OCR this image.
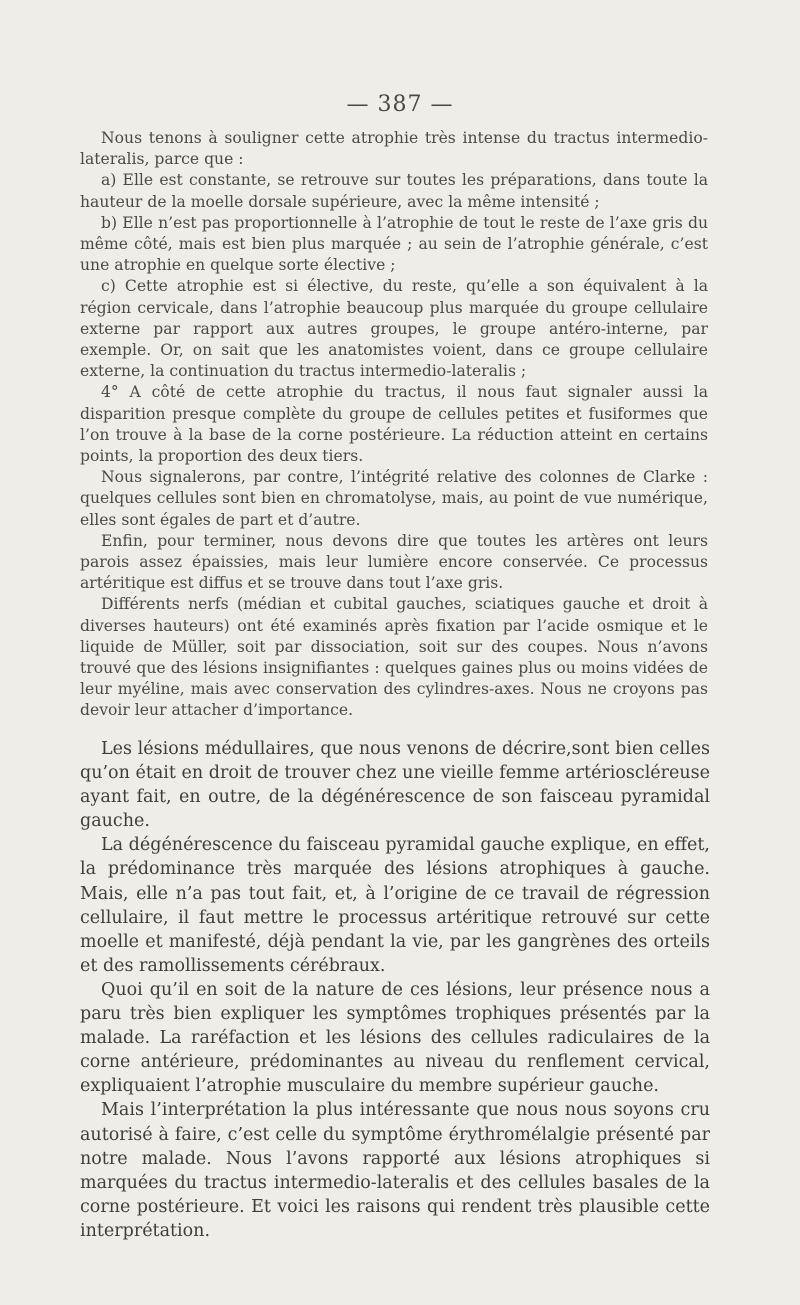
— 387 —

Nous tenons à souligner cette atrophie très intense du tractus intermedio-lateralis, parce que :

a) Elle est constante, se retrouve sur toutes les préparations, dans toute la hauteur de la moelle dorsale supérieure, avec la même intensité ;

b) Elle n’est pas proportionnelle à l’atrophie de tout le reste de l’axe gris du même côté, mais est bien plus marquée ; au sein de l’atrophie générale, c’est une atrophie en quelque sorte élective ;

c) Cette atrophie est si élective, du reste, qu’elle a son équivalent à la région cervicale, dans l’atrophie beaucoup plus marquée du groupe cellulaire externe par rapport aux autres groupes, le groupe antéro-interne, par exemple. Or, on sait que les anatomistes voient, dans ce groupe cellulaire externe, la continuation du tractus intermedio-lateralis ;

4° A côté de cette atrophie du tractus, il nous faut signaler aussi la disparition presque complète du groupe de cellules petites et fusiformes que l’on trouve à la base de la corne postérieure. La réduction atteint en certains points, la proportion des deux tiers.

Nous signalerons, par contre, l’intégrité relative des colonnes de Clarke : quelques cellules sont bien en chromatolyse, mais, au point de vue numérique, elles sont égales de part et d’autre.

Enfin, pour terminer, nous devons dire que toutes les artères ont leurs parois assez épaissies, mais leur lumière encore conservée. Ce processus artéritique est diffus et se trouve dans tout l’axe gris.

Différents nerfs (médian et cubital gauches, sciatiques gauche et droit à diverses hauteurs) ont été examinés après fixation par l’acide osmique et le liquide de Müller, soit par dissociation, soit sur des coupes. Nous n’avons trouvé que des lésions insignifiantes : quelques gaines plus ou moins vidées de leur myéline, mais avec conservation des cylindres-axes. Nous ne croyons pas devoir leur attacher d’importance.

Les lésions médullaires, que nous venons de décrire,sont bien celles qu’on était en droit de trouver chez une vieille femme artérioscléreuse ayant fait, en outre, de la dégénérescence de son faisceau pyramidal gauche.

La dégénérescence du faisceau pyramidal gauche explique, en effet, la prédominance très marquée des lésions atrophiques à gauche. Mais, elle n’a pas tout fait, et, à l’origine de ce travail de régression cellulaire, il faut mettre le processus artéritique retrouvé sur cette moelle et manifesté, déjà pendant la vie, par les gangrènes des orteils et des ramollissements cérébraux.

Quoi qu’il en soit de la nature de ces lésions, leur présence nous a paru très bien expliquer les symptômes trophiques présentés par la malade. La raréfaction et les lésions des cellules radiculaires de la corne antérieure, prédominantes au niveau du renflement cervical, expliquaient l’atrophie musculaire du membre supérieur gauche.

Mais l’interprétation la plus intéressante que nous nous soyons cru autorisé à faire, c’est celle du symptôme érythromélalgie présenté par notre malade. Nous l’avons rapporté aux lésions atrophiques si marquées du tractus intermedio-lateralis et des cellules basales de la corne postérieure. Et voici les raisons qui rendent très plausible cette interprétation.
